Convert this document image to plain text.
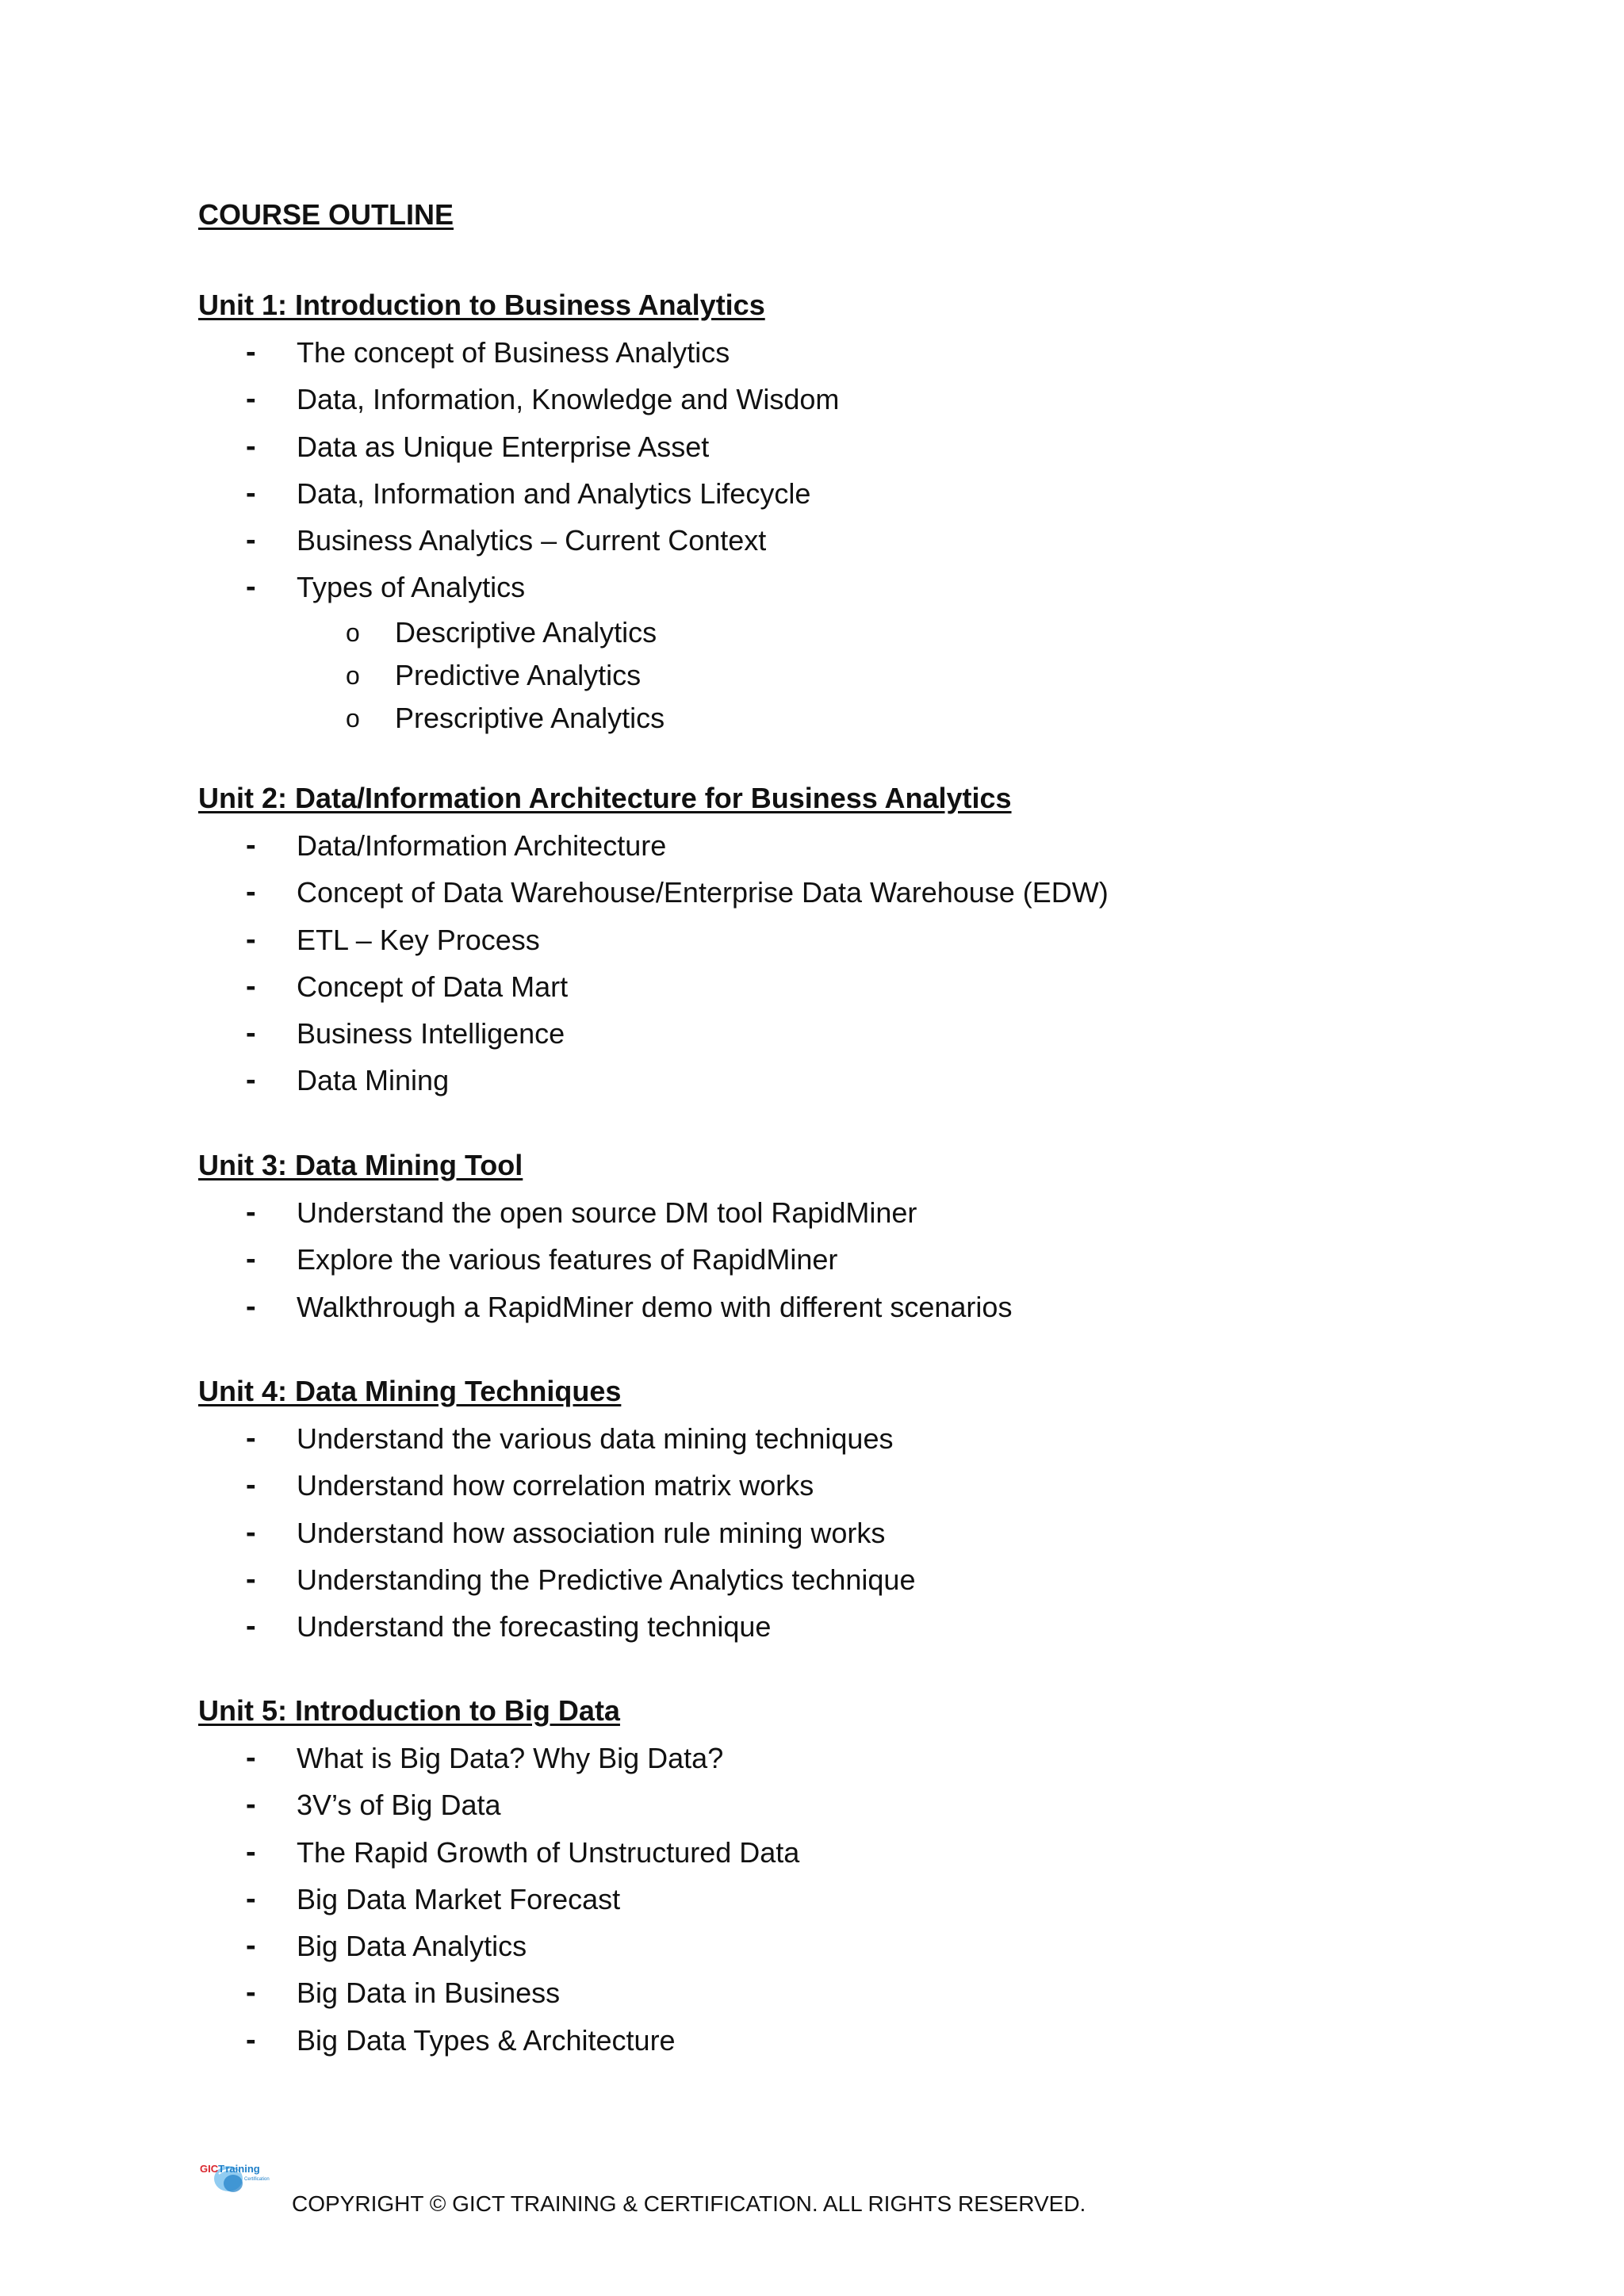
COURSE OUTLINE
Unit 1: Introduction to Business Analytics
- The concept of Business Analytics
- Data, Information, Knowledge and Wisdom
- Data as Unique Enterprise Asset
- Data, Information and Analytics Lifecycle
- Business Analytics – Current Context
- Types of Analytics
o Descriptive Analytics
o Predictive Analytics
o Prescriptive Analytics
Unit 2: Data/Information Architecture for Business Analytics
- Data/Information Architecture
- Concept of Data Warehouse/Enterprise Data Warehouse (EDW)
- ETL – Key Process
- Concept of Data Mart
- Business Intelligence
- Data Mining
Unit 3: Data Mining Tool
- Understand the open source DM tool RapidMiner
- Explore the various features of RapidMiner
- Walkthrough a RapidMiner demo with different scenarios
Unit 4: Data Mining Techniques
- Understand the various data mining techniques
- Understand how correlation matrix works
- Understand how association rule mining works
- Understanding the Predictive Analytics technique
- Understand the forecasting technique
Unit 5: Introduction to Big Data
- What is Big Data? Why Big Data?
- 3V’s of Big Data
- The Rapid Growth of Unstructured Data
- Big Data Market Forecast
- Big Data Analytics
- Big Data in Business
- Big Data Types & Architecture
GICT raining
Certification
COPYRIGHT © GICT TRAINING & CERTIFICATION. ALL RIGHTS RESERVED.
